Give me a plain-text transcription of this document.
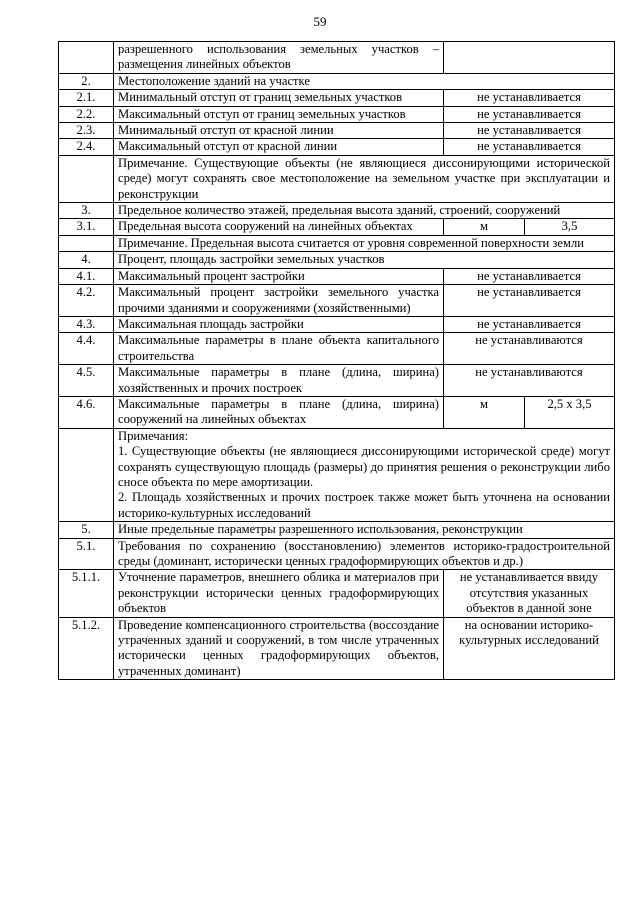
59
	разрешенного использования земельных участков – размещения линейных объектов		
2.	Местоположение зданий на участке		
2.1.	Минимальный отступ от границ земельных участков	не устанавливается	
2.2.	Максимальный отступ от границ земельных участков	не устанавливается	
2.3.	Минимальный отступ от красной линии	не устанавливается	
2.4.	Максимальный отступ от красной линии	не устанавливается	
	Примечание. Существующие объекты (не являющиеся диссонирующими исторической среде) могут сохранять свое местоположение на земельном участке при эксплуатации и реконструкции		
3.	Предельное количество этажей, предельная высота зданий, строений, сооружений		
3.1.	Предельная высота сооружений на линейных объектах	м	3,5
	Примечание. Предельная высота считается от уровня современной поверхности земли		
4.	Процент, площадь застройки земельных участков		
4.1.	Максимальный процент застройки	не устанавливается	
4.2.	Максимальный процент застройки земельного участка прочими зданиями и сооружениями (хозяйственными)	не устанавливается	
4.3.	Максимальная площадь застройки	не устанавливается	
4.4.	Максимальные параметры в плане объекта капитального строительства	не устанавливаются	
4.5.	Максимальные параметры в плане (длина, ширина) хозяйственных и прочих построек	не устанавливаются	
4.6.	Максимальные параметры в плане (длина, ширина) сооружений на линейных объектах	м	2,5 х 3,5

	Примечания:
1. Существующие объекты (не являющиеся диссонирующими исторической среде) могут сохранять существующую площадь (размеры) до принятия решения о реконструкции либо сносе объекта по мере амортизации.
2. Площадь хозяйственных и прочих построек также может быть уточнена на основании историко-культурных исследований		

5.	Иные предельные параметры разрешенного использования, реконструкции		
5.1.	Требования по сохранению (восстановлению) элементов историко-градостроительной среды (доминант, исторически ценных градоформирующих объектов и др.)		
5.1.1.	Уточнение параметров, внешнего облика и материалов при реконструкции исторически ценных градоформирующих объектов	не устанавливается ввиду отсутствия указанных объектов в данной зоне	
5.1.2.	Проведение компенсационного строительства (воссоздание утраченных зданий и сооружений, в том числе утраченных исторически ценных градоформирующих объектов, утраченных доминант)	на основании историко-культурных исследований	
